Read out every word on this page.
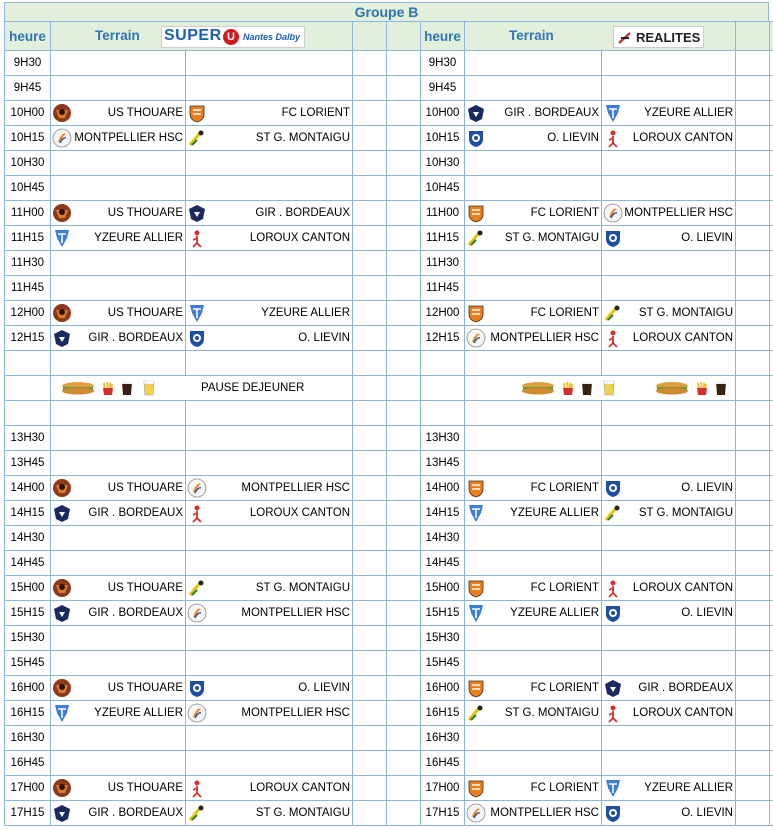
Groupe B
heure	Terrain SUPER U Nantes Dalby				heure	Terrain REALITES			

9H30					9H30				
9H45					9H45				
10H00	US THOUARE	FC LORIENT			10H00	GIR . BORDEAUX	YZEURE ALLIER		

10H15	MONTPELLIER HSC	ST G. MONTAIGU			10H15	O. LIEVIN	LOROUX CANTON		

10H30					10H30				
10H45					10H45				
11H00	US THOUARE	GIR . BORDEAUX			11H00	FC LORIENT	MONTPELLIER HSC		

11H15	YZEURE ALLIER	LOROUX CANTON			11H15	ST G. MONTAIGU	O. LIEVIN		

11H30					11H30				
11H45					11H45				
12H00	US THOUARE	YZEURE ALLIER			12H00	FC LORIENT	ST G. MONTAIGU		

12H15	GIR . BORDEAUX	O. LIEVIN			12H15	MONTPELLIER HSC	LOROUX CANTON		

	PAUSE DEJEUNER

13H30					13H30				
13H45					13H45				
14H00	US THOUARE	MONTPELLIER HSC			14H00	FC LORIENT	O. LIEVIN		

14H15	GIR . BORDEAUX	LOROUX CANTON			14H15	YZEURE ALLIER	ST G. MONTAIGU		

14H30					14H30				
14H45					14H45				
15H00	US THOUARE	ST G. MONTAIGU			15H00	FC LORIENT	LOROUX CANTON		

15H15	GIR . BORDEAUX	MONTPELLIER HSC			15H15	YZEURE ALLIER	O. LIEVIN		

15H30					15H30				
15H45					15H45				
16H00	US THOUARE	O. LIEVIN			16H00	FC LORIENT	GIR . BORDEAUX		

16H15	YZEURE ALLIER	MONTPELLIER HSC			16H15	ST G. MONTAIGU	LOROUX CANTON		

16H30					16H30				
16H45					16H45				
17H00	US THOUARE	LOROUX CANTON			17H00	FC LORIENT	YZEURE ALLIER		

17H15	GIR . BORDEAUX	ST G. MONTAIGU			17H15	MONTPELLIER HSC	O. LIEVIN		
